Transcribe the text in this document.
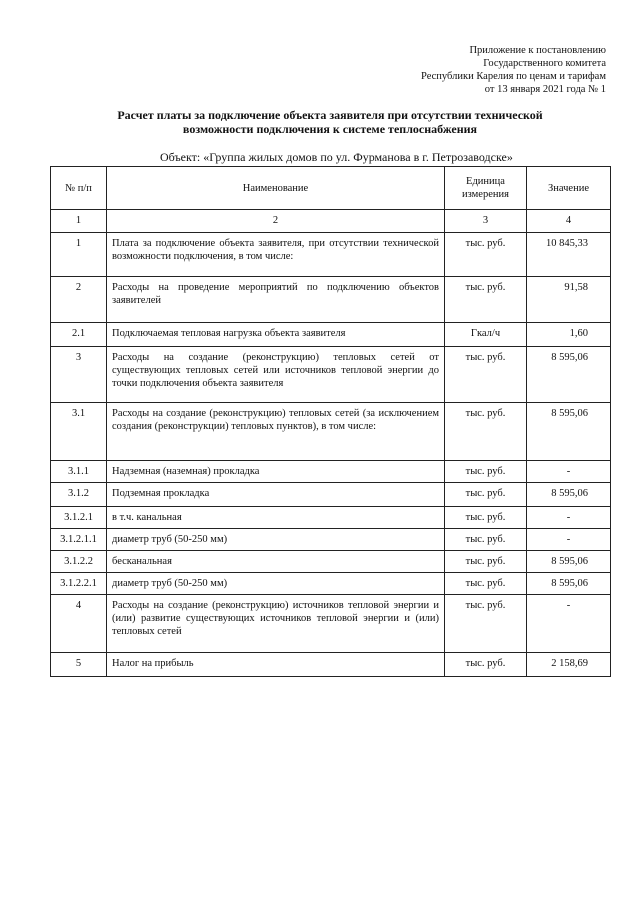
Приложение к постановлению
Государственного комитета
Республики Карелия по ценам и тарифам
от 13 января 2021 года № 1
Расчет платы за подключение объекта заявителя при отсутствии технической
возможности подключения к системе теплоснабжения
Объект: «Группа жилых домов по ул. Фурманова в г. Петрозаводске»
№ п/п	Наименование	Единица измерения	Значение
1	2	3	4
1	Плата за подключение объекта заявителя, при отсутствии технической возможности подключения, в том числе:	тыс. руб.	10 845,33
2	Расходы на проведение мероприятий по подключению объектов заявителей	тыс. руб.	91,58
2.1	Подключаемая тепловая нагрузка объекта заявителя	Гкал/ч	1,60
3	Расходы на создание (реконструкцию) тепловых сетей от существующих тепловых сетей или источников тепловой энергии до точки подключения объекта заявителя	тыс. руб.	8 595,06
3.1	Расходы на создание (реконструкцию) тепловых сетей (за исключением создания (реконструкции) тепловых пунктов), в том числе:	тыс. руб.	8 595,06
3.1.1	Надземная (наземная) прокладка	тыс. руб.	-
3.1.2	Подземная прокладка	тыс. руб.	8 595,06
3.1.2.1	в т.ч. канальная	тыс. руб.	-
3.1.2.1.1	диаметр труб (50-250 мм)	тыс. руб.	-
3.1.2.2	бесканальная	тыс. руб.	8 595,06
3.1.2.2.1	диаметр труб (50-250 мм)	тыс. руб.	8 595,06
4	Расходы на создание (реконструкцию) источников тепловой энергии и (или) развитие существующих источников тепловой энергии и (или) тепловых сетей	тыс. руб.	-
5	Налог на прибыль	тыс. руб.	2 158,69
